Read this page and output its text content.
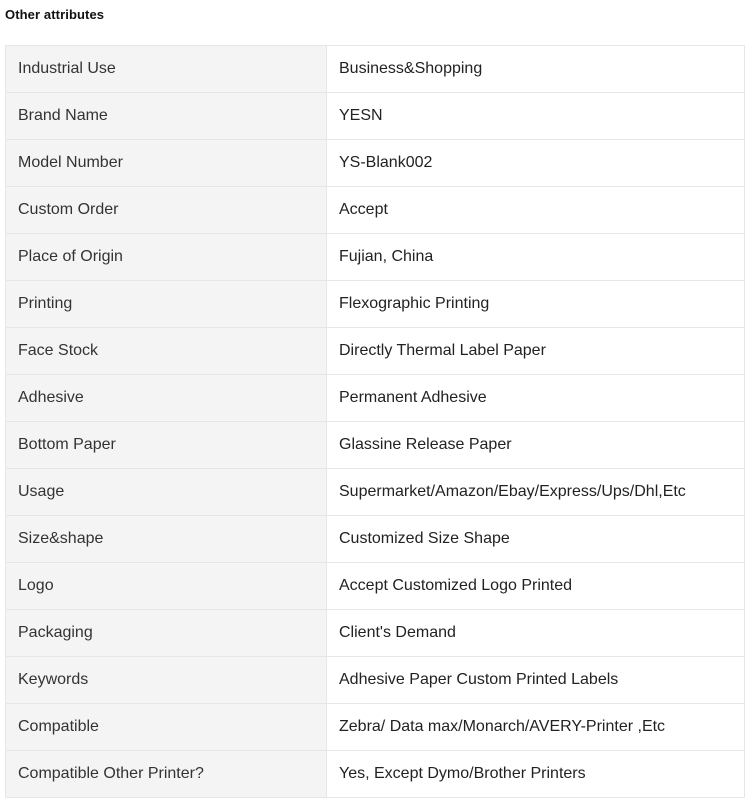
Other attributes
Industrial Use	Business&Shopping
Brand Name	YESN
Model Number	YS-Blank002
Custom Order	Accept
Place of Origin	Fujian, China
Printing	Flexographic Printing
Face Stock	Directly Thermal Label Paper
Adhesive	Permanent Adhesive
Bottom Paper	Glassine Release Paper
Usage	Supermarket/Amazon/Ebay/Express/Ups/Dhl,Etc
Size&shape	Customized Size Shape
Logo	Accept Customized Logo Printed
Packaging	Client's Demand
Keywords	Adhesive Paper Custom Printed Labels
Compatible	Zebra/ Data max/Monarch/AVERY-Printer ,Etc
Compatible Other Printer?	Yes, Except Dymo/Brother Printers
